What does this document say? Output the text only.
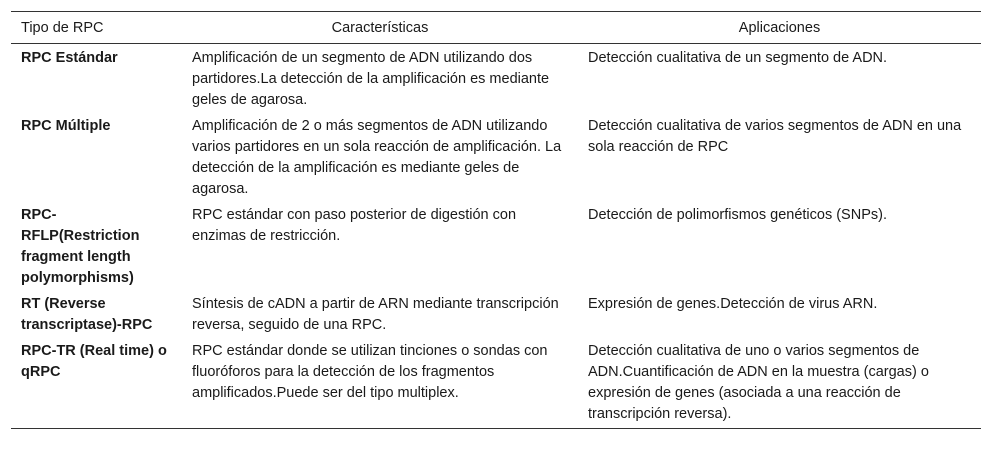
Tipo de RPC	Características	Aplicaciones
RPC Estándar	Amplificación de un segmento de ADN utilizando dos partidores.La detección de la amplificación es mediante geles de agarosa.	Detección cualitativa de un segmento de ADN.
RPC Múltiple	Amplificación de 2 o más segmentos de ADN utilizando varios partidores en un sola reacción de amplificación. La detección de la amplificación es mediante geles de agarosa.	Detección cualitativa de varios segmentos de ADN en una sola reacción de RPC
RPC-RFLP(Restriction fragment length polymorphisms)	RPC estándar con paso posterior de digestión con enzimas de restricción.	Detección de polimorfismos genéticos (SNPs).
RT (Reverse transcriptase)-RPC	Síntesis de cADN a partir de ARN mediante transcripción reversa, seguido de una RPC.	Expresión de genes.Detección de virus ARN.
RPC-TR (Real time) o qRPC	RPC estándar donde se utilizan tinciones o sondas con fluoróforos para la detección de los fragmentos amplificados.Puede ser del tipo multiplex.	Detección cualitativa de uno o varios segmentos de ADN.Cuantificación de ADN en la muestra (cargas) o expresión de genes (asociada a una reacción de transcripción reversa).
